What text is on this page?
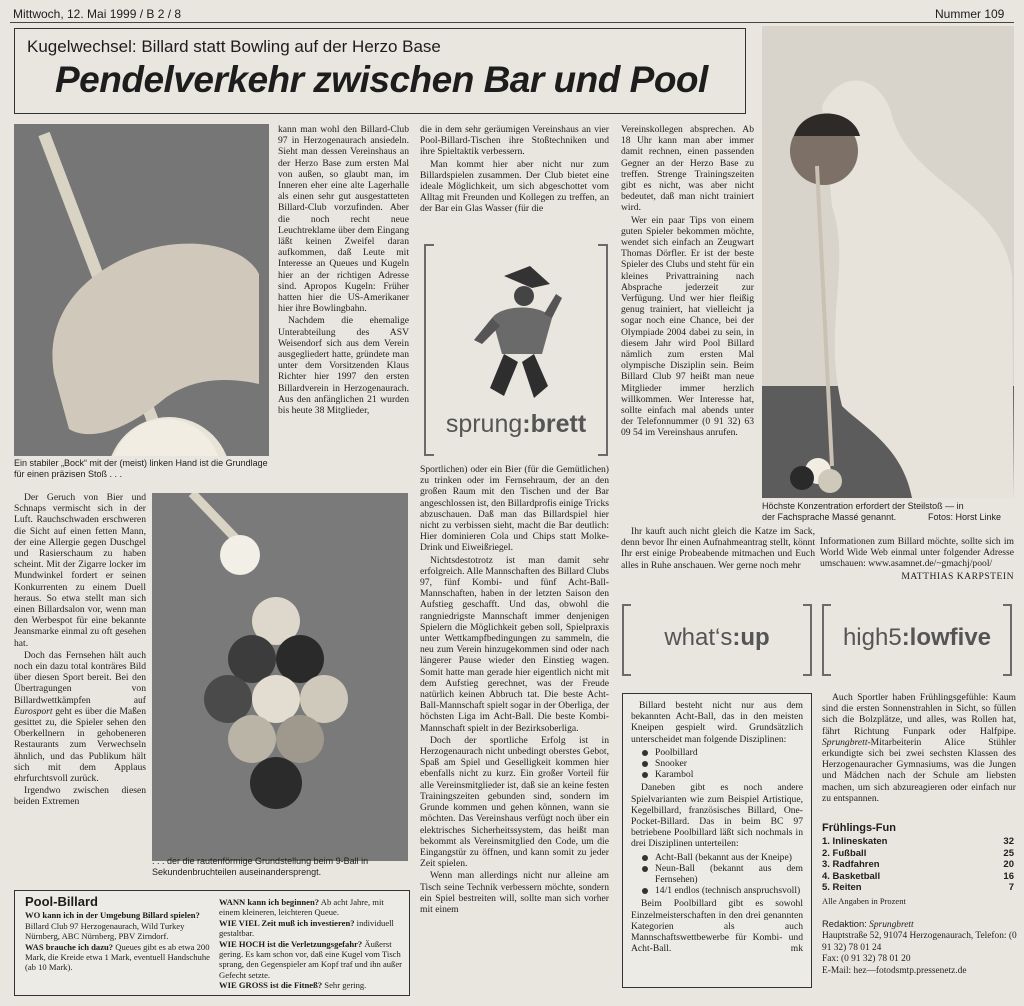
Mittwoch, 12. Mai 1999 / B 2 / 8	Nummer 109
Kugelwechsel: Billard statt Bowling auf der Herzo Base
Pendelverkehr zwischen Bar und Pool
Ein stabiler „Bock“ mit der (meist) linken Hand ist die Grundlage für einen präzisen Stoß . . .
. . . der die rautenförmige Grundstellung beim 9-Ball in Sekundenbruchteilen auseinandersprengt.
Höchste Konzentration erfordert der Steilstoß — in der Fachsprache Massé genannt.	Fotos: Horst Linke

Der Geruch von Bier und Schnaps vermischt sich in der Luft. Rauchschwaden erschweren die Sicht auf einen fetten Mann, der eine Allergie gegen Duschgel und Rasierschaum zu haben scheint. Mit der Zigarre locker im Mundwinkel fordert er seinen Konkurrenten zu einem Duell heraus. So etwa stellt man sich einen Billardsalon vor, wenn man den Werbespot für eine bekannte Jeansmarke einmal zu oft gesehen hat.

Doch das Fernsehen hält auch noch ein dazu total konträres Bild über diesen Sport bereit. Bei den Übertragungen von Billardwettkämpfen auf Eurosport geht es über die Maßen gesittet zu, die Spieler sehen den Oberkellnern in gehobeneren Restaurants zum Verwechseln ähnlich, und das Publikum hält sich mit dem Applaus ehrfurchtsvoll zurück.

Irgendwo zwischen diesen beiden Extremen

kann man wohl den Billard-Club 97 in Herzogenaurach ansiedeln. Sieht man dessen Vereinshaus an der Herzo Base zum ersten Mal von außen, so glaubt man, im Inneren eher eine alte Lagerhalle als einen sehr gut ausgestatteten Billard-Club vorzufinden. Aber die noch recht neue Leuchtreklame über dem Eingang läßt keinen Zweifel daran aufkommen, daß Leute mit Interesse an Queues und Kugeln hier an der richtigen Adresse sind. Apropos Kugeln: Früher hatten hier die US-Amerikaner hier ihre Bowlingbahn.

Nachdem die ehemalige Unterabteilung des ASV Weisendorf sich aus dem Verein ausgegliedert hatte, gründete man unter dem Vorsitzenden Klaus Richter hier 1997 den ersten Billardverein in Herzogenaurach. Aus den anfänglichen 21 wurden bis heute 38 Mitglieder,

die in dem sehr geräumigen Vereinshaus an vier Pool-Billard-Tischen ihre Stoßtechniken und ihre Spieltaktik verbessern.

Man kommt hier aber nicht nur zum Billardspielen zusammen. Der Club bietet eine ideale Möglichkeit, um sich abgeschottet vom Alltag mit Freunden und Kollegen zu treffen, an der Bar ein Glas Wasser (für die

sprung:brett

Sportlichen) oder ein Bier (für die Gemütlichen) zu trinken oder im Fernsehraum, der an den großen Raum mit den Tischen und der Bar angeschlossen ist, den Billardprofis einige Tricks abzuschauen. Daß man das Billardspiel hier nicht zu verbissen sieht, macht die Bar deutlich: Hier dominieren Cola und Chips statt Molke-Drink und Eiweißriegel.

Nichtsdestotrotz ist man damit sehr erfolgreich. Alle Mannschaften des Billard Clubs 97, fünf Kombi- und fünf Acht-Ball-Mannschaften, haben in der letzten Saison den Aufstieg geschafft. Und das, obwohl die rangniedrigste Mannschaft immer denjenigen Spielern die Möglichkeit geben soll, Spielpraxis unter Wettkampfbedingungen zu sammeln, die neu zum Verein hinzugekommen sind oder nach längerer Pause wieder den Einstieg wagen. Somit hatte man gerade hier eigentlich nicht mit dem Aufstieg gerechnet, was der Freude natürlich keinen Abbruch tat. Die beste Acht-Ball-Mannschaft spielt sogar in der Oberliga, der höchsten Liga im Acht-Ball. Die beste Kombi-Mannschaft spielt in der Bezirksoberliga.

Doch der sportliche Erfolg ist in Herzogenaurach nicht unbedingt oberstes Gebot, Spaß am Spiel und Geselligkeit kommen hier ebenfalls nicht zu kurz. Ein großer Vorteil für alle Vereinsmitglieder ist, daß sie an keine festen Trainingszeiten gebunden sind, sondern im Grunde kommen und gehen können, wann sie möchten. Das Vereinshaus verfügt noch über ein elektrisches Sicherheitssystem, das heißt man bekommt als Vereinsmitglied den Code, um die Eingangstür zu öffnen, und kann somit zu jeder Zeit spielen.

Wenn man allerdings nicht nur alleine am Tisch seine Technik verbessern möchte, sondern ein Spiel bestreiten will, sollte man sich vorher mit einem

Vereinskollegen absprechen. Ab 18 Uhr kann man aber immer damit rechnen, einen passenden Gegner an der Herzo Base zu treffen. Strenge Trainingszeiten gibt es nicht, was aber nicht bedeutet, daß man nicht trainiert wird.

Wer ein paar Tips von einem guten Spieler bekommen möchte, wendet sich einfach an Zeugwart Thomas Dörfler. Er ist der beste Spieler des Clubs und steht für ein kleines Privattraining nach Absprache jederzeit zur Verfügung. Und wer hier fleißig genug trainiert, hat vielleicht ja sogar noch eine Chance, bei der Olympiade 2004 dabei zu sein, in diesem Jahr wird Pool Billard nämlich zum ersten Mal olympische Disziplin sein. Beim Billard Club 97 heißt man neue Mitglieder immer herzlich willkommen. Wer Interesse hat, sollte einfach mal abends unter der Telefonnummer (0 91 32) 63 09 54 im Vereinshaus anrufen.

Ihr kauft auch nicht gleich die Katze im Sack, denn bevor Ihr einen Aufnahmeantrag stellt, könnt Ihr erst einige Probeabende mitmachen und Euch alles in Ruhe anschauen. Wer gerne noch mehr

Informationen zum Billard möchte, sollte sich im World Wide Web einmal unter folgender Adresse umschauen: www.asamnet.de/~gmachj/pool/

MATTHIAS KARPSTEIN
what‘s:up	high5:lowfive

Billard besteht nicht nur aus dem bekannten Acht-Ball, das in den meisten Kneipen gespielt wird. Grundsätzlich unterscheidet man folgende Disziplinen:

Poolbillard
Snooker
Karambol

Daneben gibt es noch andere Spielvarianten wie zum Beispiel Artistique, Kegelbillard, französisches Billard, One-Pocket-Billard. Das in beim BC 97 betriebene Poolbillard läßt sich nochmals in drei Disziplinen unterteilen:

Acht-Ball (bekannt aus der Kneipe)
Neun-Ball (bekannt aus dem Fernsehen)
14/1 endlos (technisch anspruchsvoll)

Beim Poolbillard gibt es sowohl Einzelmeisterschaften in den drei genannten Kategorien als auch Mannschaftswettbewerbe für Kombi- und Acht-Ball.	mk

Auch Sportler haben Frühlingsgefühle: Kaum sind die ersten Sonnenstrahlen in Sicht, so füllen sich die Bolzplätze, und alles, was Rollen hat, fährt Richtung Funpark oder Halfpipe. Sprungbrett-Mitarbeiterin Alice Stühler erkundigte sich bei zwei sechsten Klassen des Herzogenauracher Gymnasiums, was die Jungen und Mädchen nach der Schule am liebsten machen, um sich abzureagieren oder einfach nur zu entspannen.

Frühlings-Fun
1. Inlineskaten	32
2. Fußball	25
3. Radfahren	20
4. Basketball	16
5. Reiten	7
Alle Angaben in Prozent
Redaktion: Sprungbrett
Hauptstraße 52, 91074 Herzogenaurach, Telefon: (0 91 32) 78 01 24
Fax: (0 91 32) 78 01 20
E-Mail: hez—fotodsmtp.pressenetz.de
Pool-Billard
WO kann ich in der Umgebung Billard spielen? Billard Club 97 Herzogenaurach, Wild Turkey Nürnberg, ABC Nürnberg, PBV Zirndorf.
WAS brauche ich dazu? Queues gibt es ab etwa 200 Mark, die Kreide etwa 1 Mark, eventuell Handschuhe (ab 10 Mark).
WANN kann ich beginnen? Ab acht Jahre, mit einem kleineren, leichteren Queue.
WIE VIEL Zeit muß ich investieren? individuell gestaltbar.
WIE HOCH ist die Verletzungsgefahr? Äußerst gering. Es kam schon vor, daß eine Kugel vom Tisch sprang, den Gegenspieler am Kopf traf und ihn außer Gefecht setzte.
WIE GROSS ist die Fitneß? Sehr gering.
